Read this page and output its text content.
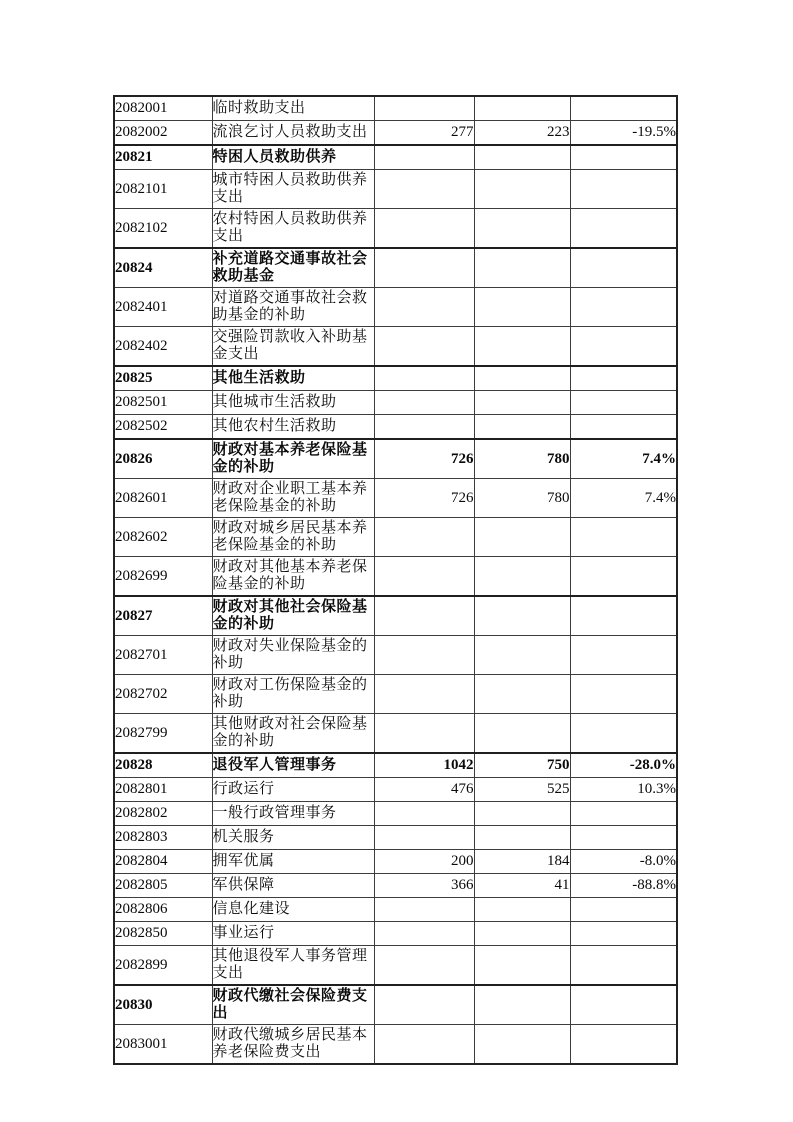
2082001	临时救助支出			
2082002	流浪乞讨人员救助支出	277	223	-19.5%
20821	特困人员救助供养			
2082101	城市特困人员救助供养支出			
2082102	农村特困人员救助供养支出			
20824	补充道路交通事故社会救助基金			
2082401	对道路交通事故社会救助基金的补助			
2082402	交强险罚款收入补助基金支出			
20825	其他生活救助			
2082501	其他城市生活救助			
2082502	其他农村生活救助			
20826	财政对基本养老保险基金的补助	726	780	7.4%
2082601	财政对企业职工基本养老保险基金的补助	726	780	7.4%
2082602	财政对城乡居民基本养老保险基金的补助			
2082699	财政对其他基本养老保险基金的补助			
20827	财政对其他社会保险基金的补助			
2082701	财政对失业保险基金的补助			
2082702	财政对工伤保险基金的补助			
2082799	其他财政对社会保险基金的补助			
20828	退役军人管理事务	1042	750	-28.0%
2082801	行政运行	476	525	10.3%
2082802	一般行政管理事务			
2082803	机关服务			
2082804	拥军优属	200	184	-8.0%
2082805	军供保障	366	41	-88.8%
2082806	信息化建设			
2082850	事业运行			
2082899	其他退役军人事务管理支出			
20830	财政代缴社会保险费支出			
2083001	财政代缴城乡居民基本养老保险费支出			
